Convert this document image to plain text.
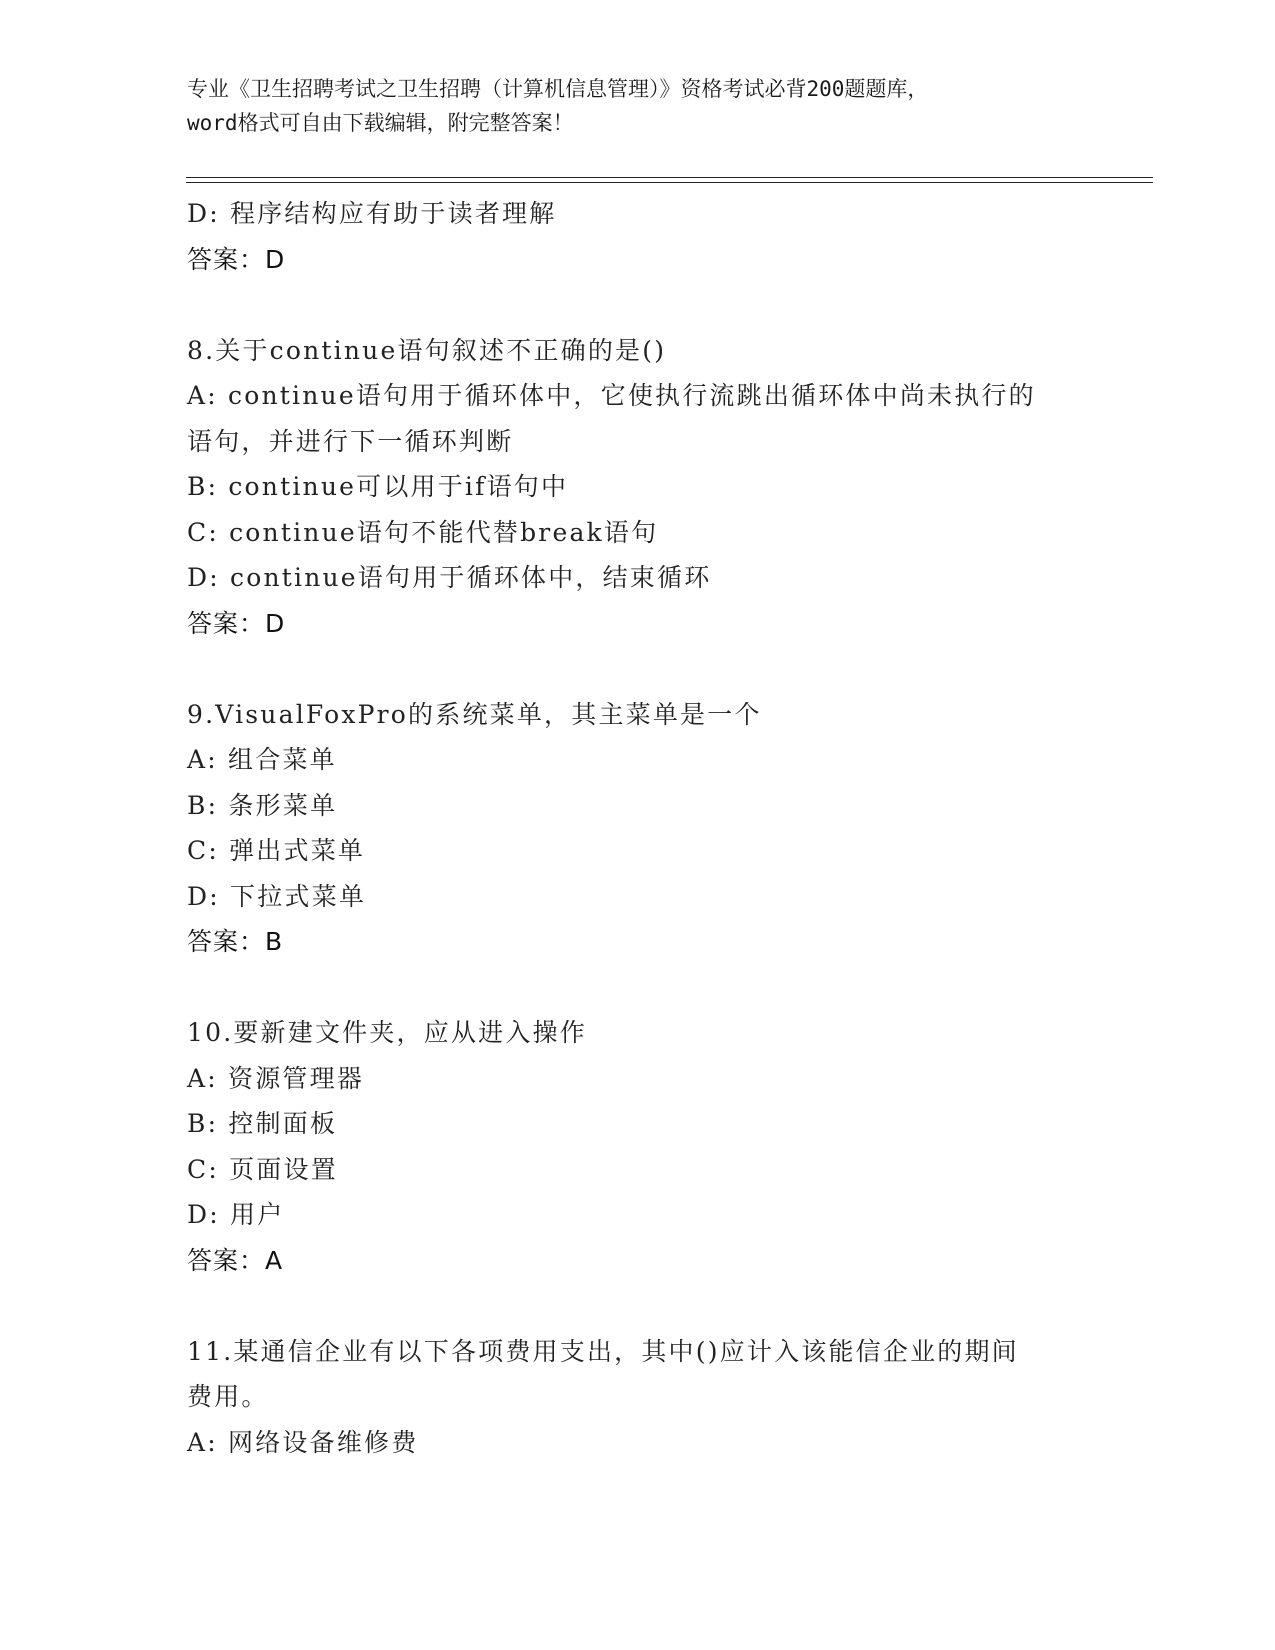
专业《卫生招聘考试之卫生招聘（计算机信息管理）》资格考试必背200题题库，
word格式可自由下载编辑，附完整答案！
D: 程序结构应有助于读者理解
答案：D
8.关于continue语句叙述不正确的是()
A: continue语句用于循环体中，它使执行流跳出循环体中尚未执行的
语句，并进行下一循环判断
B: continue可以用于if语句中
C: continue语句不能代替break语句
D: continue语句用于循环体中，结束循环
答案：D
9.VisualFoxPro的系统菜单，其主菜单是一个
A: 组合菜单
B: 条形菜单
C: 弹出式菜单
D: 下拉式菜单
答案：B
10.要新建文件夹，应从进入操作
A: 资源管理器
B: 控制面板
C: 页面设置
D: 用户
答案：A
11.某通信企业有以下各项费用支出，其中()应计入该能信企业的期间
费用。
A: 网络设备维修费
